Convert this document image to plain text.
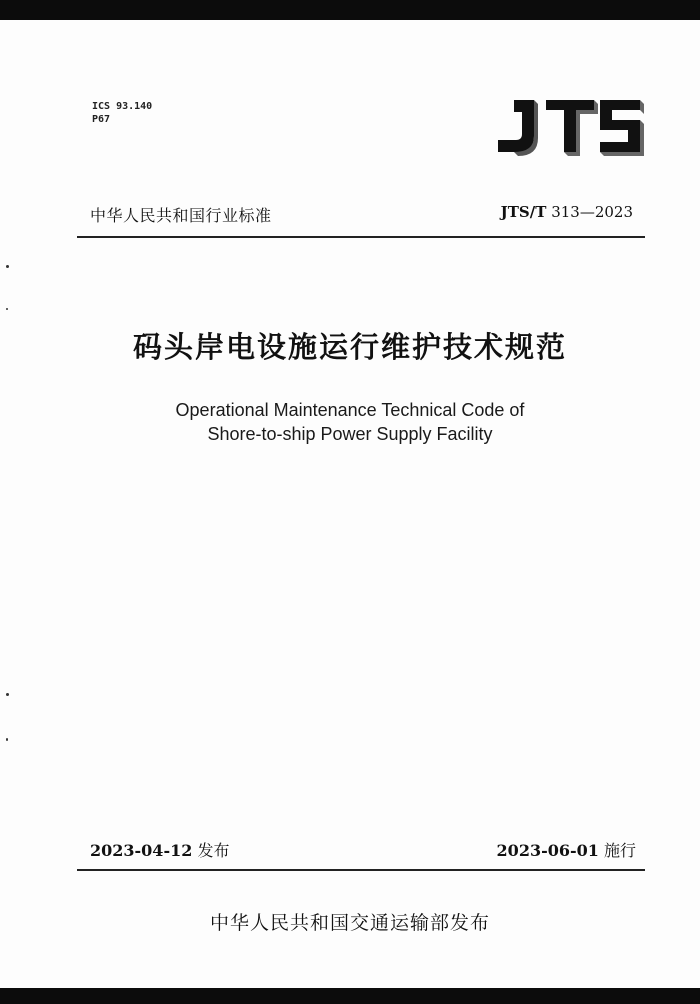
ICS 93.140
P67
中华人民共和国行业标准	JTS/T 313—2023
码头岸电设施运行维护技术规范
Operational Maintenance Technical Code of
Shore-to-ship Power Supply Facility
2023-04-12 发布	2023-06-01 施行
中华人民共和国交通运输部发布
